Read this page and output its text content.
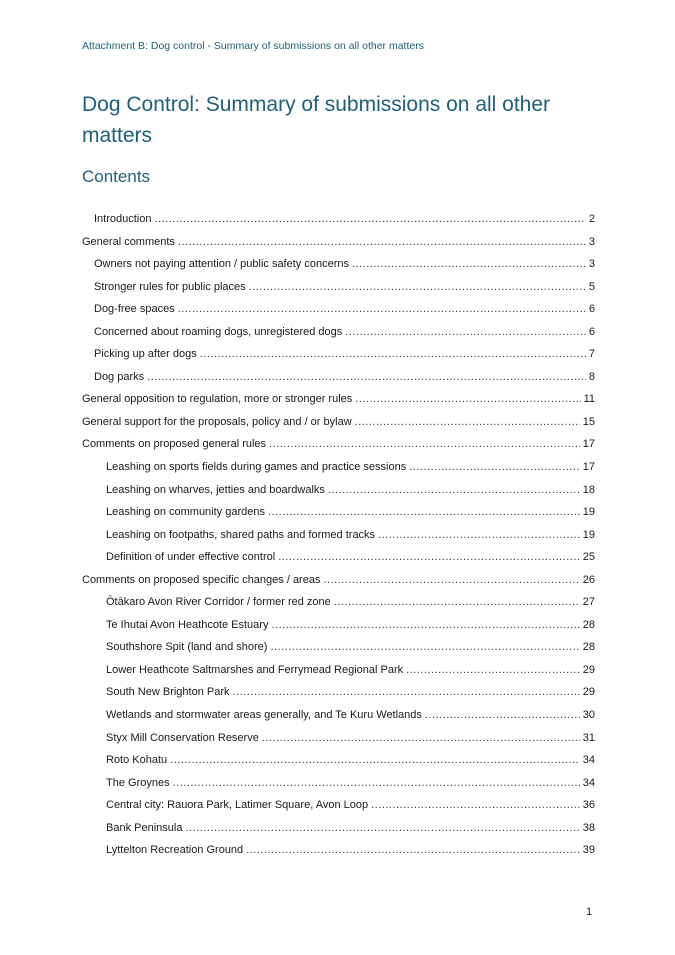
Attachment B: Dog control - Summary of submissions on all other matters
Dog Control: Summary of submissions on all other matters
Contents
Introduction .....	2
General comments .....	3
Owners not paying attention / public safety concerns .....	3
Stronger rules for public places .....	5
Dog-free spaces .....	6
Concerned about roaming dogs, unregistered dogs .....	6
Picking up after dogs .....	7
Dog parks .....	8
General opposition to regulation, more or stronger rules .....	11
General support for the proposals, policy and / or bylaw .....	15
Comments on proposed general rules .....	17
Leashing on sports fields during games and practice sessions .....	17
Leashing on wharves, jetties and boardwalks .....	18
Leashing on community gardens .....	19
Leashing on footpaths, shared paths and formed tracks .....	19
Definition of under effective control .....	25
Comments on proposed specific changes / areas .....	26
Ōtākaro Avon River Corridor / former red zone .....	27
Te Ihutai Avon Heathcote Estuary .....	28
Southshore Spit (land and shore) .....	28
Lower Heathcote Saltmarshes and Ferrymead Regional Park .....	29
South New Brighton Park .....	29
Wetlands and stormwater areas generally, and Te Kuru Wetlands .....	30
Styx Mill Conservation Reserve .....	31
Roto Kohatu .....	34
The Groynes .....	34
Central city: Rauora Park, Latimer Square, Avon Loop .....	36
Bank Peninsula .....	38
Lyttelton Recreation Ground .....	39
1
